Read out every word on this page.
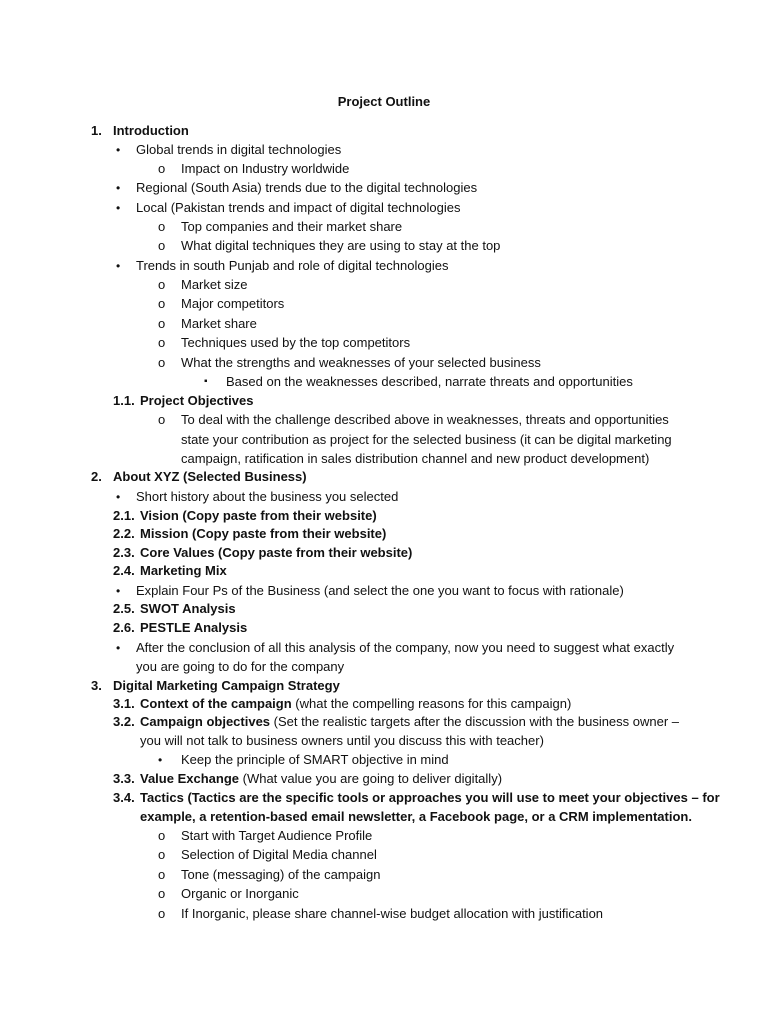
Project Outline
1. Introduction
• Global trends in digital technologies
o Impact on Industry worldwide
• Regional (South Asia) trends due to the digital technologies
• Local (Pakistan trends and impact of digital technologies
o Top companies and their market share
o What digital techniques they are using to stay at the top
• Trends in south Punjab and role of digital technologies
o Market size
o Major competitors
o Market share
o Techniques used by the top competitors
o What the strengths and weaknesses of your selected business
▪ Based on the weaknesses described, narrate threats and opportunities
1.1. Project Objectives
o To deal with the challenge described above in weaknesses, threats and opportunities
state your contribution as project for the selected business (it can be digital marketing
campaign, ratification in sales distribution channel and new product development)
2. About XYZ (Selected Business)
• Short history about the business you selected
2.1. Vision (Copy paste from their website)
2.2. Mission (Copy paste from their website)
2.3. Core Values (Copy paste from their website)
2.4. Marketing Mix
• Explain Four Ps of the Business (and select the one you want to focus with rationale)
2.5. SWOT Analysis
2.6. PESTLE Analysis
• After the conclusion of all this analysis of the company, now you need to suggest what exactly
you are going to do for the company
3. Digital Marketing Campaign Strategy
3.1. Context of the campaign (what the compelling reasons for this campaign)
3.2. Campaign objectives (Set the realistic targets after the discussion with the business owner –
you will not talk to business owners until you discuss this with teacher)
• Keep the principle of SMART objective in mind
3.3. Value Exchange (What value you are going to deliver digitally)
3.4. Tactics (Tactics are the specific tools or approaches you will use to meet your objectives – for
example, a retention-based email newsletter, a Facebook page, or a CRM implementation.
o Start with Target Audience Profile
o Selection of Digital Media channel
o Tone (messaging) of the campaign
o Organic or Inorganic
o If Inorganic, please share channel-wise budget allocation with justification
